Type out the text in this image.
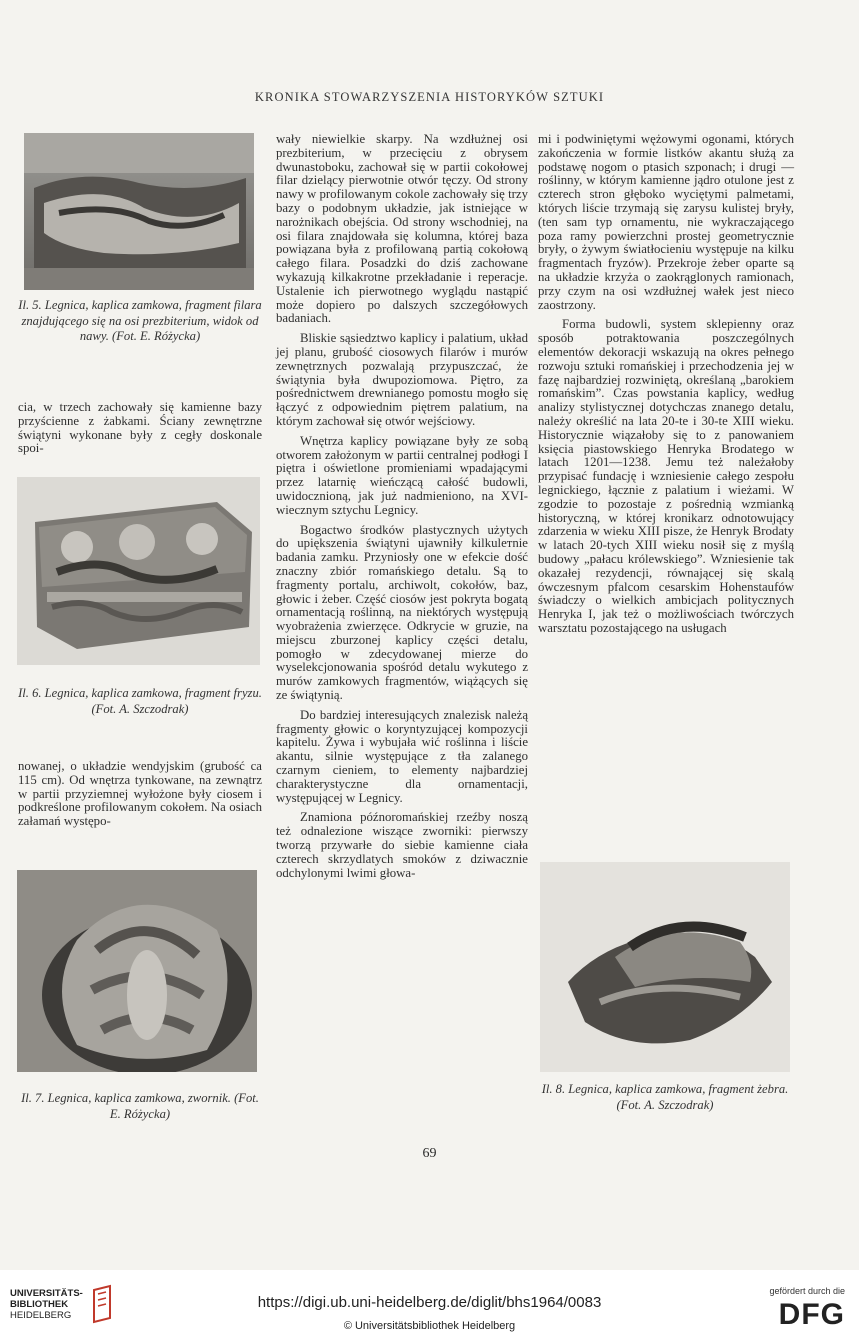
KRONIKA STOWARZYSZENIA HISTORYKÓW SZTUKI
Il. 5. Legnica, kaplica zamkowa, fragment filara znajdującego się na osi prezbiterium, widok od nawy. (Fot. E. Różycka)

cia, w trzech zachowały się kamienne bazy przyścienne z żabkami. Ściany zewnętrzne świątyni wykonane były z cegły doskonale spoi-

Il. 6. Legnica, kaplica zamkowa, fragment fryzu. (Fot. A. Szczodrak)

nowanej, o układzie wendyjskim (grubość ca 115 cm). Od wnętrza tynkowane, na zewnątrz w partii przyziemnej wyłożone były ciosem i podkreślone profilowanym cokołem. Na osiach załamań występo-

Il. 7. Legnica, kaplica zamkowa, zwornik. (Fot. E. Różycka)

wały niewielkie skarpy. Na wzdłużnej osi prezbiterium, w przecięciu z obrysem dwunastoboku, zachował się w partii cokołowej filar dzielący pierwotnie otwór tęczy. Od strony nawy w profilowanym cokole zachowały się trzy bazy o podobnym układzie, jak istniejące w narożnikach obejścia. Od strony wschodniej, na osi filara znajdowała się kolumna, której baza powiązana była z profilowaną partią cokołową całego filara. Posadzki do dziś zachowane wykazują kilkakrotne przekładanie i reperacje. Ustalenie ich pierwotnego wyglądu nastąpić może dopiero po dalszych szczegółowych badaniach.

Bliskie sąsiedztwo kaplicy i palatium, układ jej planu, grubość ciosowych filarów i murów zewnętrznych pozwalają przypuszczać, że świątynia była dwupoziomowa. Piętro, za pośrednictwem drewnianego pomostu mogło się łączyć z odpowiednim piętrem palatium, na którym zachował się otwór wejściowy.

Wnętrza kaplicy powiązane były ze sobą otworem założonym w partii centralnej podłogi I piętra i oświetlone promieniami wpadającymi przez latarnię wieńczącą całość budowli, uwidocznioną, jak już nadmieniono, na XVI-wiecznym sztychu Legnicy.

Bogactwo środków plastycznych użytych do upiększenia świątyni ujawniły kilkulетnie badania zamku. Przyniosły one w efekcie dość znaczny zbiór romańskiego detalu. Są to fragmenty portalu, archiwolt, cokołów, baz, głowic i żeber. Część ciosów jest pokryta bogatą ornamentacją roślinną, na niektórych występują wyobrażenia zwierzęce. Odkrycie w gruzie, na miejscu zburzonej kaplicy części detalu, pomogło w zdecydowanej mierze do wyselekcjonowania spośród detalu wykutego z murów zamkowych fragmentów, wiążących się ze świątynią.

Do bardziej interesujących znalezisk należą fragmenty głowic o koryntyzującej kompozycji kapitelu. Żywa i wybujała wić roślinna i liście akantu, silnie występujące z tła zalanego czarnym cieniem, to elementy najbardziej charakterystyczne dla ornamentacji, występującej w Legnicy.

Znamiona późnoromańskiej rzeźby noszą też odnalezione wiszące zworniki: pierwszy tworzą przywarłe do siebie kamienne ciała czterech skrzydlatych smoków z dziwacznie odchylonymi lwimi głowa-

mi i podwiniętymi wężowymi ogonami, których zakończenia w formie listków akantu służą za podstawę nogom o ptasich szponach; i drugi — roślinny, w którym kamienne jądro otulone jest z czterech stron głęboko wyciętymi palmetami, których liście trzymają się zarysu kulistej bryły, (ten sam typ ornamentu, nie wykraczającego poza ramy powierzchni prostej geometrycznie bryły, o żywym światłocieniu występuje na kilku fragmentach fryzów). Przekroje żeber oparte są na układzie krzyża o zaokrąglonych ramionach, przy czym na osi wzdłużnej wałek jest nieco zaostrzony.

Forma budowli, system sklepienny oraz sposób potraktowania poszczególnych elementów dekoracji wskazują na okres pełnego rozwoju sztuki romańskiej i przechodzenia jej w fazę najbardziej rozwiniętą, określaną „barokiem romańskim”. Czas powstania kaplicy, według analizy stylistycznej dotychczas znanego detalu, należy określić na lata 20-te i 30-te XIII wieku. Historycznie wiązałoby się to z panowaniem księcia piastowskiego Henryka Brodatego w latach 1201—1238. Jemu też należałoby przypisać fundację i wzniesienie całego zespołu legnickiego, łącznie z palatium i wieżami. W zgodzie to pozostaje z pośrednią wzmianką historyczną, w której kronikarz odnotowujący zdarzenia w wieku XIII pisze, że Henryk Brodaty w latach 20-tych XIII wieku nosił się z myślą budowy „pałacu królewskiego”. Wzniesienie tak okazałej rezydencji, równającej się skalą ówczesnym pfalcom cesarskim Hohenstaufów świadczy o wielkich ambicjach politycznych Henryka I, jak też o możliwościach twórczych warsztatu pozostającego na usługach

Il. 8. Legnica, kaplica zamkowa, fragment żebra. (Fot. A. Szczodrak)
69
UNIVERSITÄTS-
BIBLIOTHEK
HEIDELBERG
https://digi.ub.uni-heidelberg.de/diglit/bhs1964/0083
© Universitätsbibliothek Heidelberg
gefördert durch die
DFG
